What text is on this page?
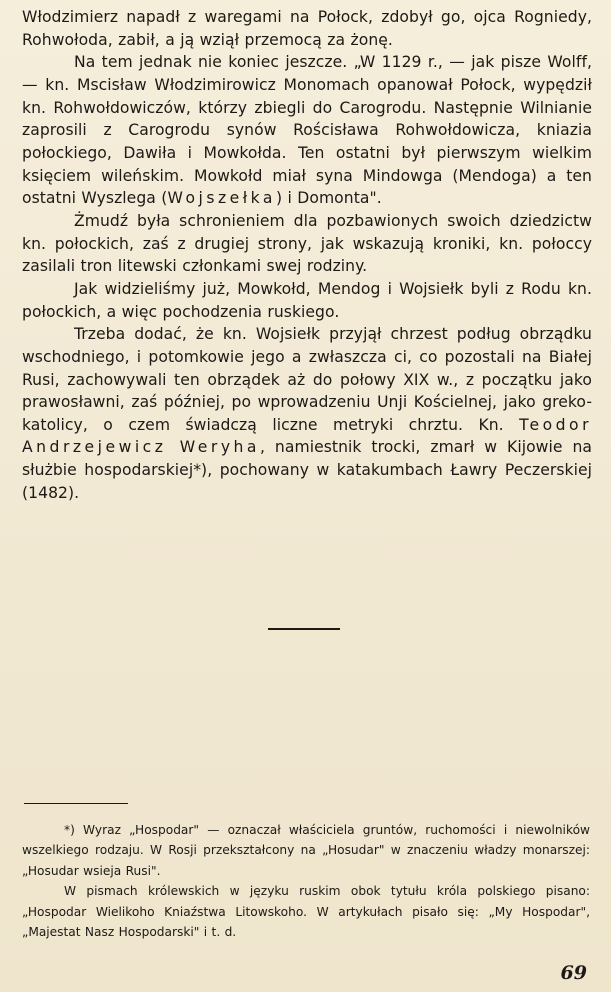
Włodzimierz napadł z waregami na Połock, zdobył go, ojca Rogniedy, Rohwołoda, zabił, a ją wziął przemocą za żonę.

Na tem jednak nie koniec jeszcze. „W 1129 r., — jak pisze Wolff, — kn. Mscisław Włodzimirowicz Monomach opanował Połock, wypędził kn. Rohwołdowiczów, którzy zbiegli do Carogrodu. Następnie Wilnianie zaprosili z Carogrodu synów Rościsława Rohwołdowicza, kniazia połockiego, Dawiła i Mowkołda. Ten ostatni był pierwszym wielkim księciem wileńskim. Mowkołd miał syna Mindowga (Mendoga) a ten ostatni Wyszlega (Wojszełka) i Domonta".

Żmudź była schronieniem dla pozbawionych swoich dziedzictw kn. połockich, zaś z drugiej strony, jak wskazują kroniki, kn. połoccy zasilali tron litewski członkami swej rodziny.

Jak widzieliśmy już, Mowkołd, Mendog i Wojsiełk byli z Rodu kn. połockich, a więc pochodzenia ruskiego.

Trzeba dodać, że kn. Wojsiełk przyjął chrzest podług obrządku wschodniego, i potomkowie jego a zwłaszcza ci, co pozostali na Białej Rusi, zachowywali ten obrządek aż do połowy XIX w., z początku jako prawosławni, zaś później, po wprowadzeniu Unji Kościelnej, jako greko-katolicy, o czem świadczą liczne metryki chrztu. Kn. Teodor Andrzejewicz Weryha, namiestnik trocki, zmarł w Kijowie na służbie hospodarskiej*), pochowany w katakumbach Ławry Peczerskiej (1482).

*) Wyraz „Hospodar" — oznaczał właściciela gruntów, ruchomości i niewolników wszelkiego rodzaju. W Rosji przekształcony na „Hosudar" w znaczeniu władzy monarszej: „Hosudar wsieja Rusi".

W pismach królewskich w języku ruskim obok tytułu króla polskiego pisano: „Hospodar Wielikoho Kniaźstwa Litowskoho. W artykułach pisało się: „My Hospodar", „Majestat Nasz Hospodarski" i t. d.

69
